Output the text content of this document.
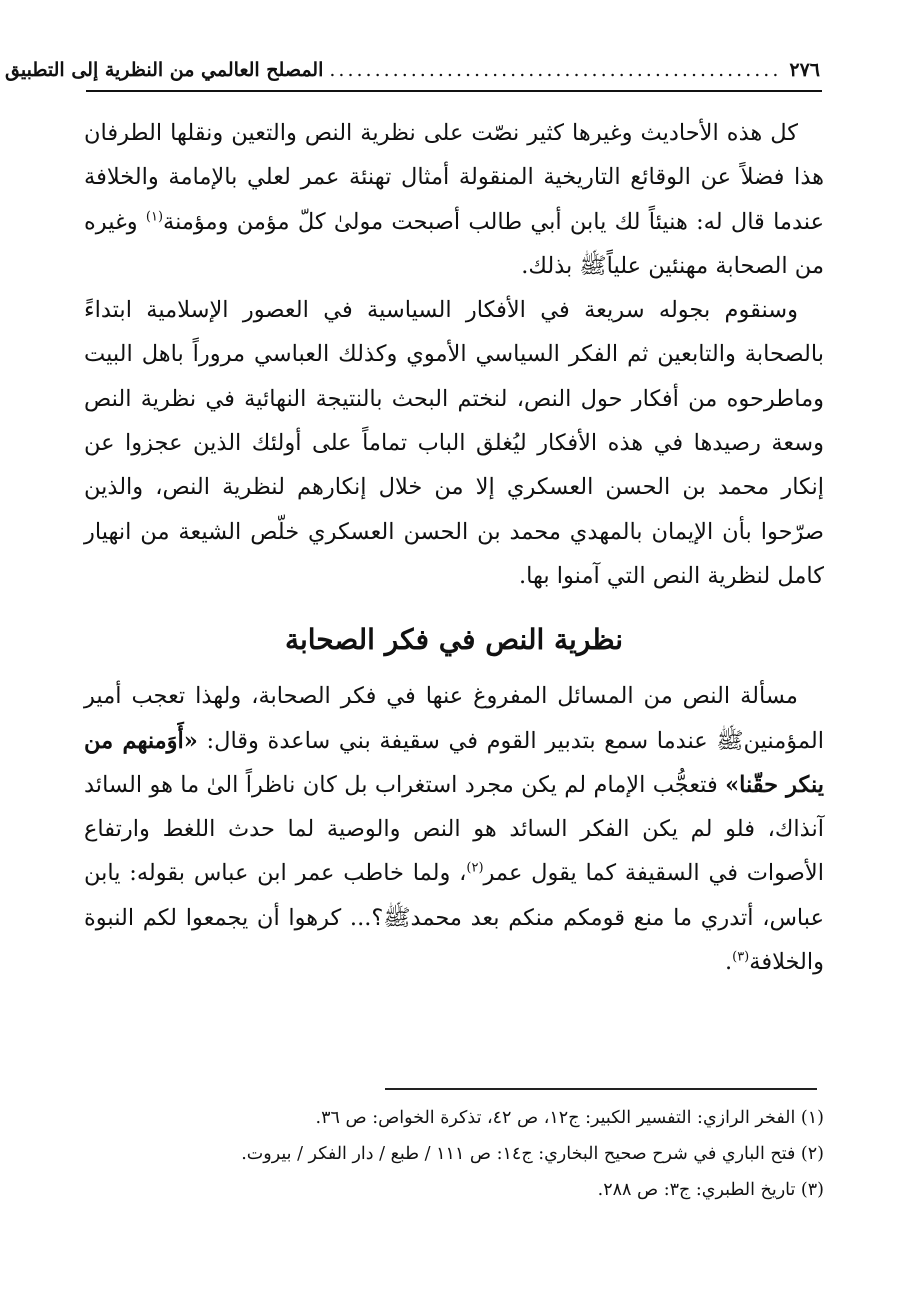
٢٧٦
..................................................
المصلح العالمي من النظرية إلى التطبيق

كل هذه الأحاديث وغيرها كثير نصّت على نظرية النص والتعين ونقلها الطرفان هذا فضلاً عن الوقائع التاريخية المنقولة أمثال تهنئة عمر لعلي بالإمامة والخلافة عندما قال له: هنيئاً لك يابن أبي طالب أصبحت مولىٰ كلّ مؤمن ومؤمنة$^{(١)}$ وغيره من الصحابة مهنئين علياًﷺ بذلك.

وسنقوم بجوله سريعة في الأفكار السياسية في العصور الإسلامية ابتداءً بالصحابة والتابعين ثم الفكر السياسي الأموي وكذلك العباسي مروراً باهل البيت وماطرحوه من أفكار حول النص، لنختم البحث بالنتيجة النهائية في نظرية النص وسعة رصيدها في هذه الأفكار ليُغلق الباب تماماً على أولئك الذين عجزوا عن إنكار محمد بن الحسن العسكري إلا من خلال إنكارهم لنظرية النص، والذين صرّحوا بأن الإيمان بالمهدي محمد بن الحسن العسكري خلّص الشيعة من انهيار كامل لنظرية النص التي آمنوا بها.

نظرية النص في فكر الصحابة

مسألة النص من المسائل المفروغ عنها في فكر الصحابة، ولهذا تعجب أمير المؤمنينﷺ عندما سمع بتدبير القوم في سقيفة بني ساعدة وقال: «أَوَمنهم من ينكر حقّنا» فتعجُّب الإمام لم يكن مجرد استغراب بل كان ناظراً الىٰ ما هو السائد آنذاك، فلو لم يكن الفكر السائد هو النص والوصية لما حدث اللغط وارتفاع الأصوات في السقيفة كما يقول عمر$^{(٢)}$، ولما خاطب عمر ابن عباس بقوله: يابن عباس، أتدري ما منع قومكم منكم بعد محمدﷺ؟... كرهوا أن يجمعوا لكم النبوة والخلافة$^{(٣)}$.

(١) الفخر الرازي: التفسير الكبير: ج١٢، ص ٤٢، تذكرة الخواص: ص ٣٦.
(٢) فتح الباري في شرح صحيح البخاري: ج١٤: ص ١١١ / طبع / دار الفكر / بيروت.
(٣) تاريخ الطبري: ج٣: ص ٢٨٨.
